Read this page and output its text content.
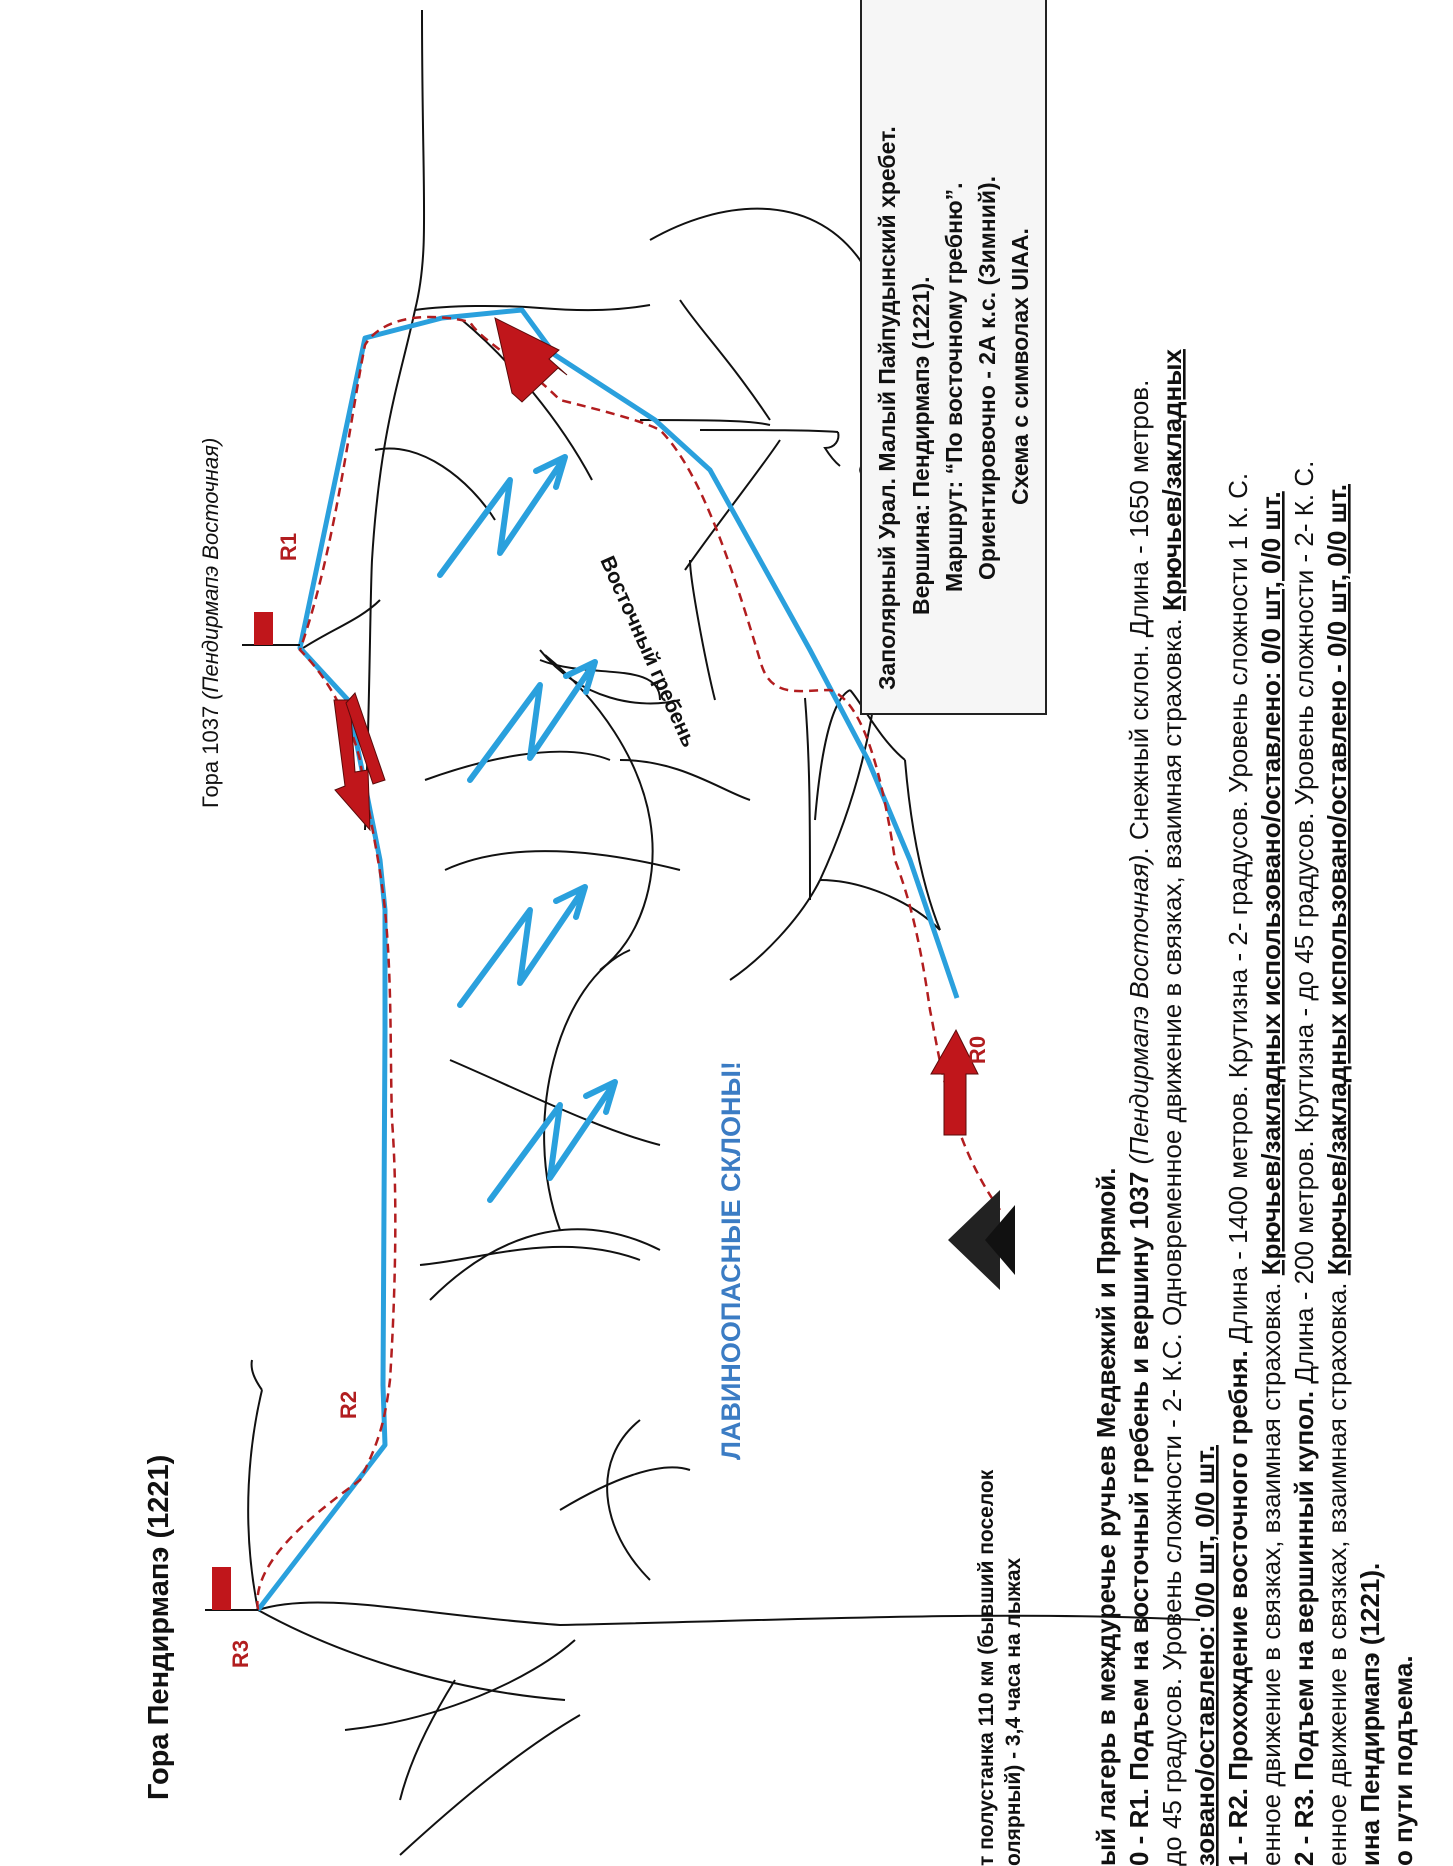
R0
R1
R2
R3
Гора Пендирмапэ (1221)
Гора 1037(Пендирмапэ Восточная)	Восточный гребень
ЛАВИНООПАСНЫЕ СКЛОНЫ!
Заполярный Урал. Малый Пайпудынский хребет. Вершина: Пендирмапэ (1221). Маршрут: “По восточному гребню”. Ориентировочно - 2А к.с. (Зимний). Схема с символах UIAA.
т полустанка 110 км (бывший поселок олярный) - 3,4 часа на лыжах	ый лагерь в междуречье ручьев Медвежий и Прямой. 0 - R1. Подъем на восточный гребень и вершину 1037 (Пендирмапэ Восточная). Снежный склон. Длина - 1650 метров. до 45 градусов. Уровень сложности - 2- К.С. Одновременное движение в связках, взаимная страховка. Крючьев/закладных
зовано/оставлено: 0/0 шт, 0/0 шт. 1 - R2. Прохождение восточного гребня. Длина - 1400 метров. Крутизна - 2- градусов. Уровень сложности 1 К. С.
енное движение в связках, взаимная страховка. Крючьев/закладных использовано/оставлено: 0/0 шт, 0/0 шт.
2 - R3. Подъем на вершинный купол. Длина - 200 метров. Крутизна - до 45 градусов. Уровень сложности - 2- К. С.
енное движение в связках, взаимная страховка. Крючьев/закладных использовано/оставлено - 0/0 шт, 0/0 шт.
ина Пендирмапэ (1221). о пути подъема.
